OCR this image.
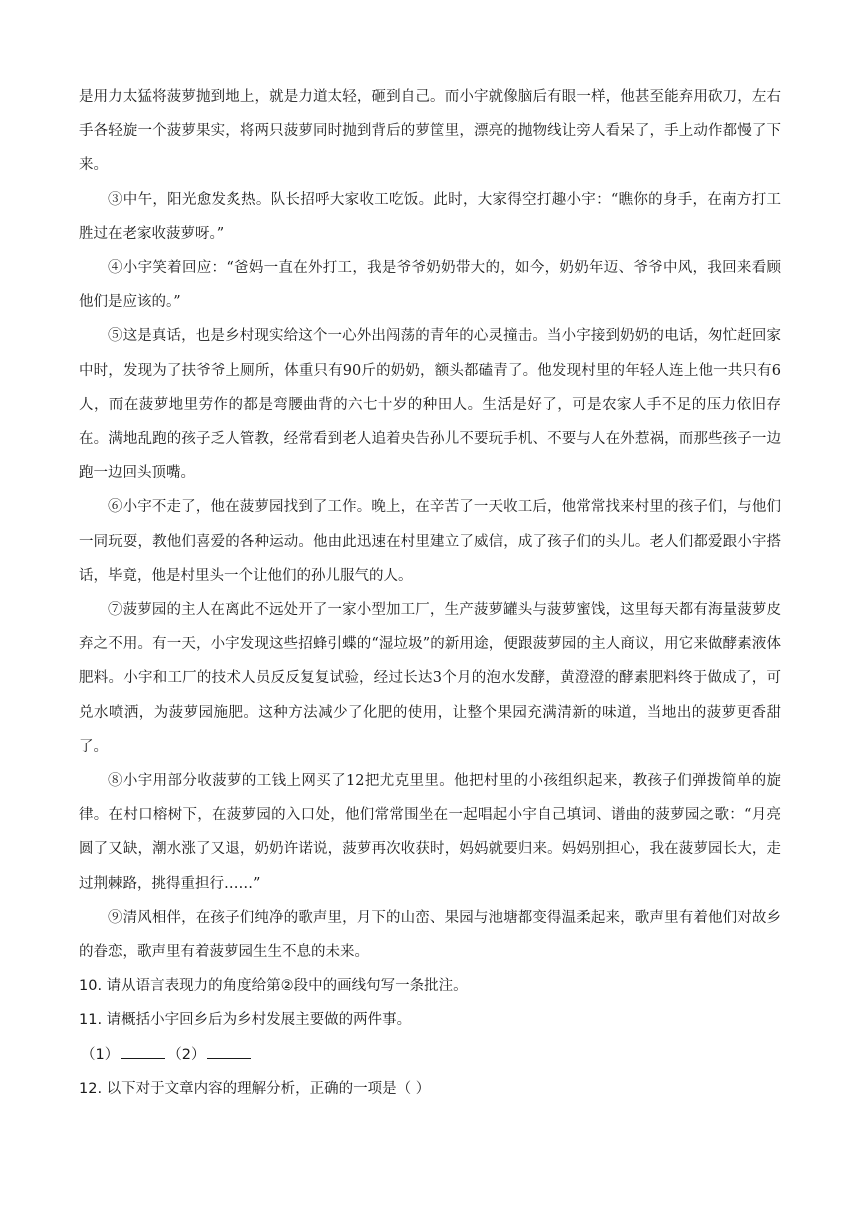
是用力太猛将菠萝抛到地上，就是力道太轻，砸到自己。而小宇就像脑后有眼一样，他甚至能弃用砍刀，左右手各轻旋一个菠萝果实，将两只菠萝同时抛到背后的萝筐里，漂亮的抛物线让旁人看呆了，手上动作都慢了下来。

③中午，阳光愈发炙热。队长招呼大家收工吃饭。此时，大家得空打趣小宇：“瞧你的身手，在南方打工胜过在老家收菠萝呀。”

④小宇笑着回应：“爸妈一直在外打工，我是爷爷奶奶带大的，如今，奶奶年迈、爷爷中风，我回来看顾他们是应该的。”

⑤这是真话，也是乡村现实给这个一心外出闯荡的青年的心灵撞击。当小宇接到奶奶的电话，匆忙赶回家中时，发现为了扶爷爷上厕所，体重只有90斤的奶奶，额头都磕青了。他发现村里的年轻人连上他一共只有6人，而在菠萝地里劳作的都是弯腰曲背的六七十岁的种田人。生活是好了，可是农家人手不足的压力依旧存在。满地乱跑的孩子乏人管教，经常看到老人追着央告孙儿不要玩手机、不要与人在外惹祸，而那些孩子一边跑一边回头顶嘴。

⑥小宇不走了，他在菠萝园找到了工作。晚上，在辛苦了一天收工后，他常常找来村里的孩子们，与他们一同玩耍，教他们喜爱的各种运动。他由此迅速在村里建立了威信，成了孩子们的头儿。老人们都爱跟小宇搭话，毕竟，他是村里头一个让他们的孙儿服气的人。

⑦菠萝园的主人在离此不远处开了一家小型加工厂，生产菠萝罐头与菠萝蜜饯，这里每天都有海量菠萝皮弃之不用。有一天，小宇发现这些招蜂引蝶的“湿垃圾”的新用途，便跟菠萝园的主人商议，用它来做酵素液体肥料。小宇和工厂的技术人员反反复复试验，经过长达3个月的泡水发酵，黄澄澄的酵素肥料终于做成了，可兑水喷洒，为菠萝园施肥。这种方法减少了化肥的使用，让整个果园充满清新的味道，当地出的菠萝更香甜了。

⑧小宇用部分收菠萝的工钱上网买了12把尤克里里。他把村里的小孩组织起来，教孩子们弹拨简单的旋律。在村口榕树下，在菠萝园的入口处，他们常常围坐在一起唱起小宇自己填词、谱曲的菠萝园之歌：“月亮圆了又缺，潮水涨了又退，奶奶许诺说，菠萝再次收获时，妈妈就要归来。妈妈别担心，我在菠萝园长大，走过荆棘路，挑得重担行……”

⑨清风相伴，在孩子们纯净的歌声里，月下的山峦、果园与池塘都变得温柔起来，歌声里有着他们对故乡的眷恋，歌声里有着菠萝园生生不息的未来。

10. 请从语言表现力的角度给第②段中的画线句写一条批注。

11. 请概括小宇回乡后为乡村发展主要做的两件事。

（1）	（2）

12. 以下对于文章内容的理解分析，正确的一项是（ ）
